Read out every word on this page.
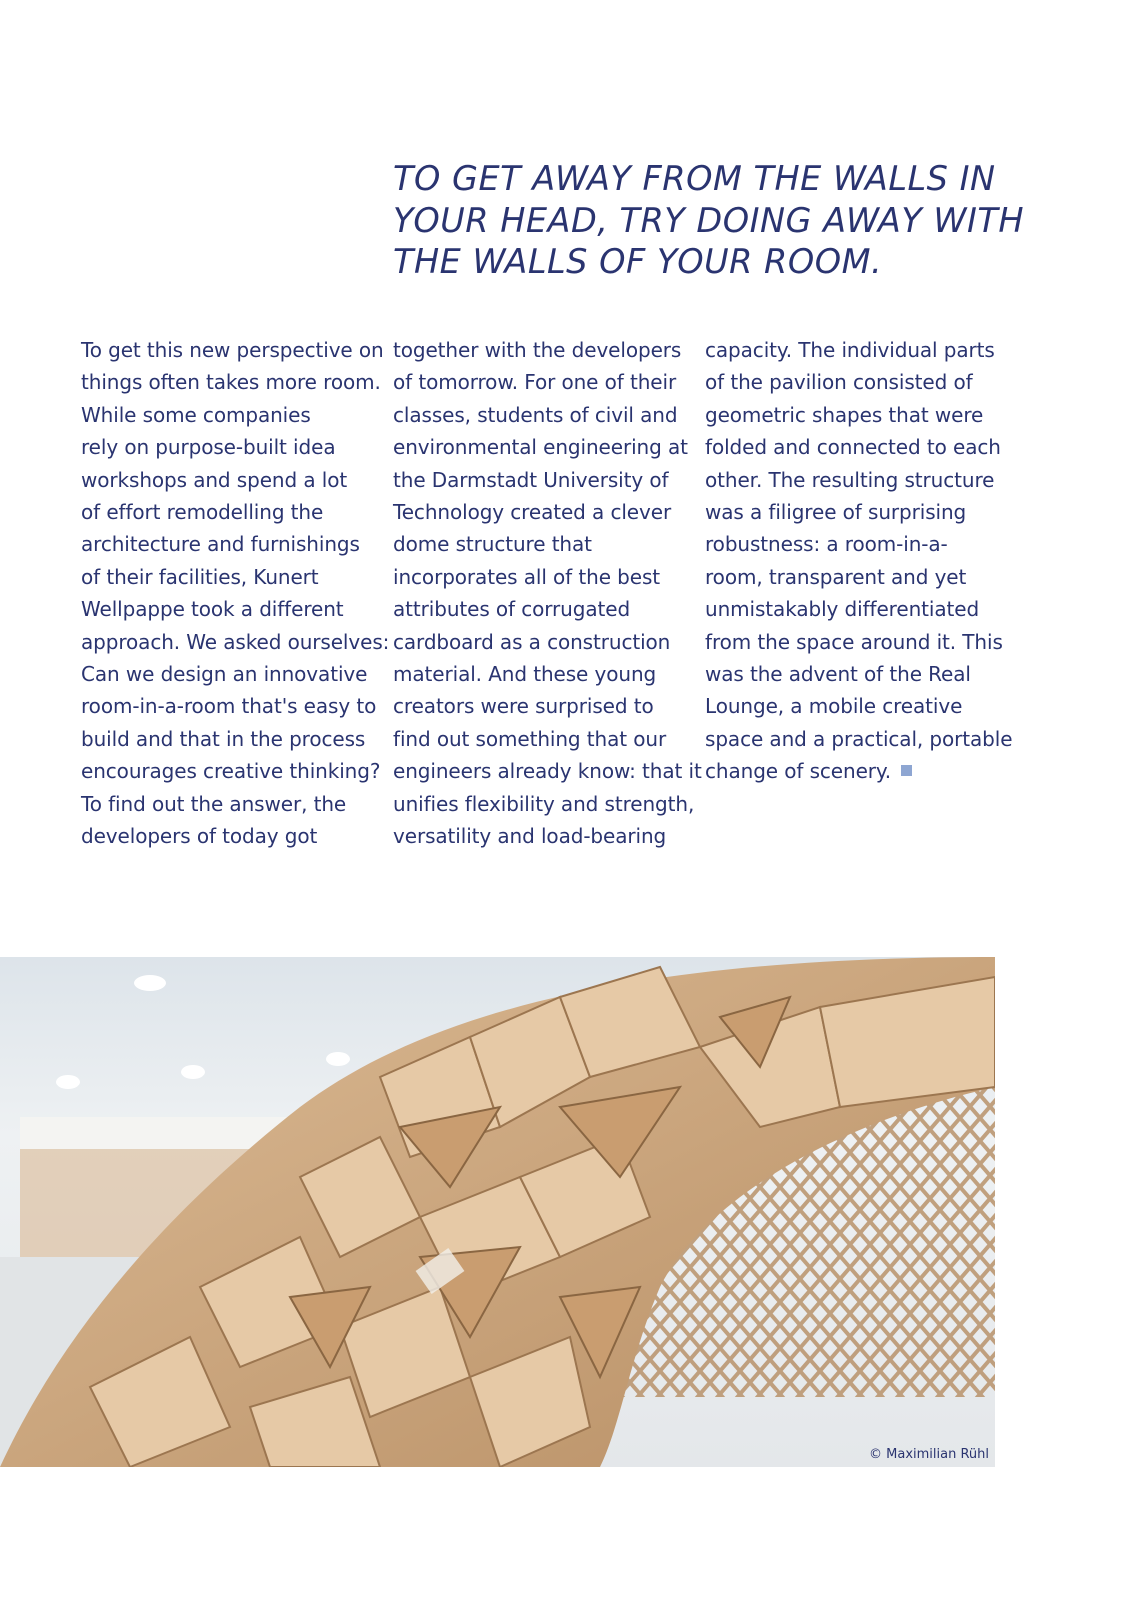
TO GET AWAY FROM THE WALLS IN
YOUR HEAD, TRY DOING AWAY WITH
THE WALLS OF YOUR ROOM.
To get this new perspective on
things often takes more room.
While some companies
rely on purpose-built idea
workshops and spend a lot
of effort remodelling the
architecture and furnishings
of their facilities, Kunert
Wellpappe took a different
approach. We asked ourselves:
Can we design an innovative
room-in-a-room that's easy to
build and that in the process
encourages creative thinking?
To find out the answer, the
developers of today got
together with the developers
of tomorrow. For one of their
classes, students of civil and
environmental engineering at
the Darmstadt University of
Technology created a clever
dome structure that
incorporates all of the best
attributes of corrugated
cardboard as a construction
material. And these young
creators were surprised to
find out something that our
engineers already know: that it
unifies flexibility and strength,
versatility and load-bearing
capacity. The individual parts
of the pavilion consisted of
geometric shapes that were
folded and connected to each
other. The resulting structure
was a filigree of surprising
robustness: a room-in-a-
room, transparent and yet
unmistakably differentiated
from the space around it. This
was the advent of the Real
Lounge, a mobile creative
space and a practical, portable
change of scenery.
© Maximilian Rühl
